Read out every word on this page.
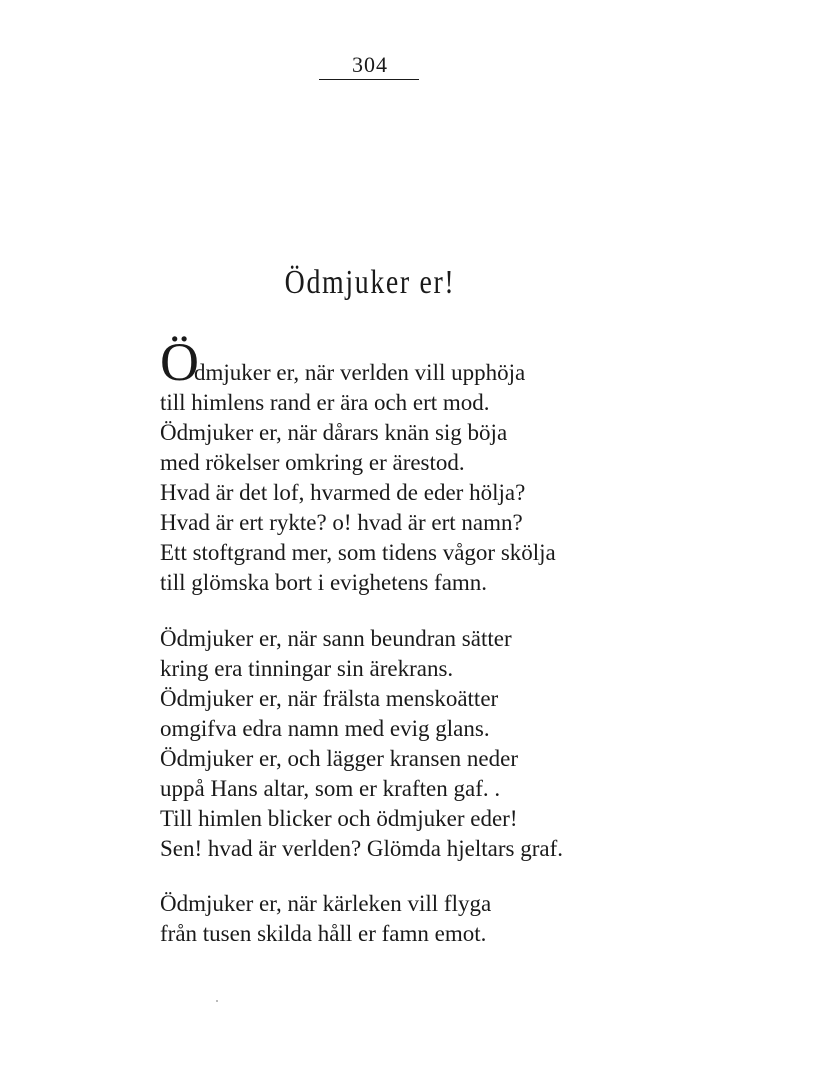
304
Ödmjuker er!
Ö
dmjuker er, när verlden vill upphöja
till himlens rand er ära och ert mod.
Ödmjuker er, när dårars knän sig böja
med rökelser omkring er ärestod.
Hvad är det lof, hvarmed de eder hölja?
Hvad är ert rykte? o! hvad är ert namn?
Ett stoftgrand mer, som tidens vågor skölja
till glömska bort i evighetens famn.
Ödmjuker er, när sann beundran sätter
kring era tinningar sin ärekrans.
Ödmjuker er, när frälsta menskoätter
omgifva edra namn med evig glans.
Ödmjuker er, och lägger kransen neder
uppå Hans altar, som er kraften gaf. .
Till himlen blicker och ödmjuker eder!
Sen! hvad är verlden? Glömda hjeltars graf.
Ödmjuker er, när kärleken vill flyga
från tusen skilda håll er famn emot.
